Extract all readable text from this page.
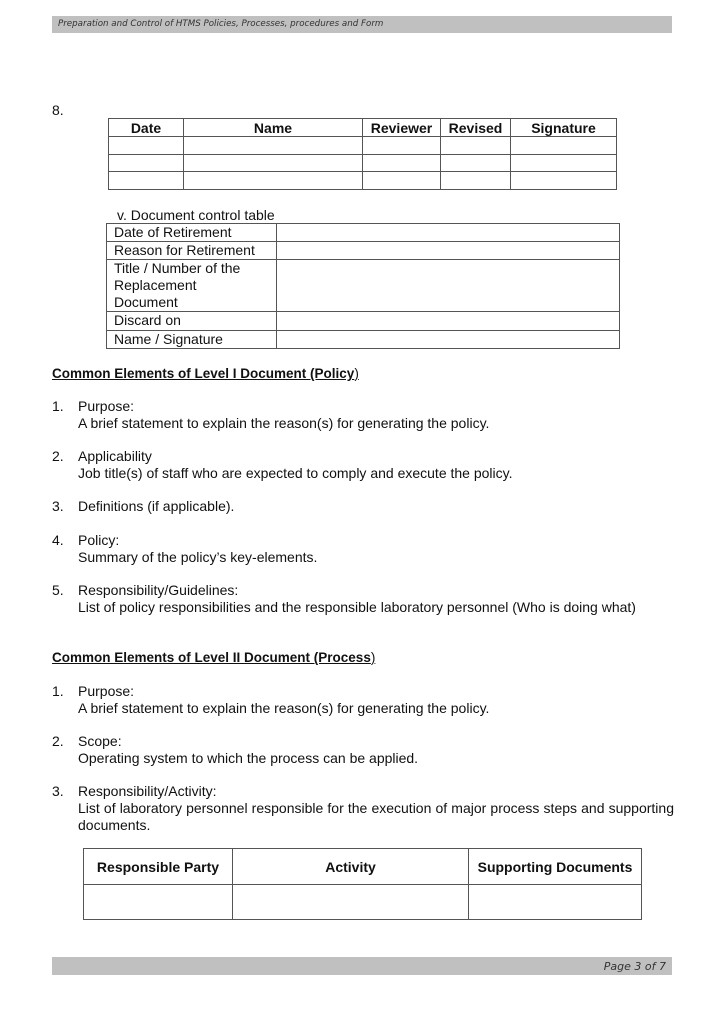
Preparation and Control of HTMS Policies, Processes, procedures and Form
8.
Date	Name	Reviewer	Revised	Signature

v. Document control table
Date of Retirement	
Reason for Retirement	
Title / Number of the Replacement Document	
Discard on	
Name / Signature	
Common Elements of Level I Document (Policy)
1. Purpose:
A brief statement to explain the reason(s) for generating the policy.
2. Applicability
Job title(s) of staff who are expected to comply and execute the policy.
3. Definitions (if applicable).
4. Policy:
Summary of the policy’s key-elements.
5. Responsibility/Guidelines:
List of policy responsibilities and the responsible laboratory personnel (Who is doing what)
Common Elements of Level II Document (Process)
1. Purpose:
A brief statement to explain the reason(s) for generating the policy.
2. Scope:
Operating system to which the process can be applied.
3. Responsibility/Activity:
List of laboratory personnel responsible for the execution of major process steps and supporting documents.
Responsible Party	Activity	Supporting Documents

Page 3 of 7
